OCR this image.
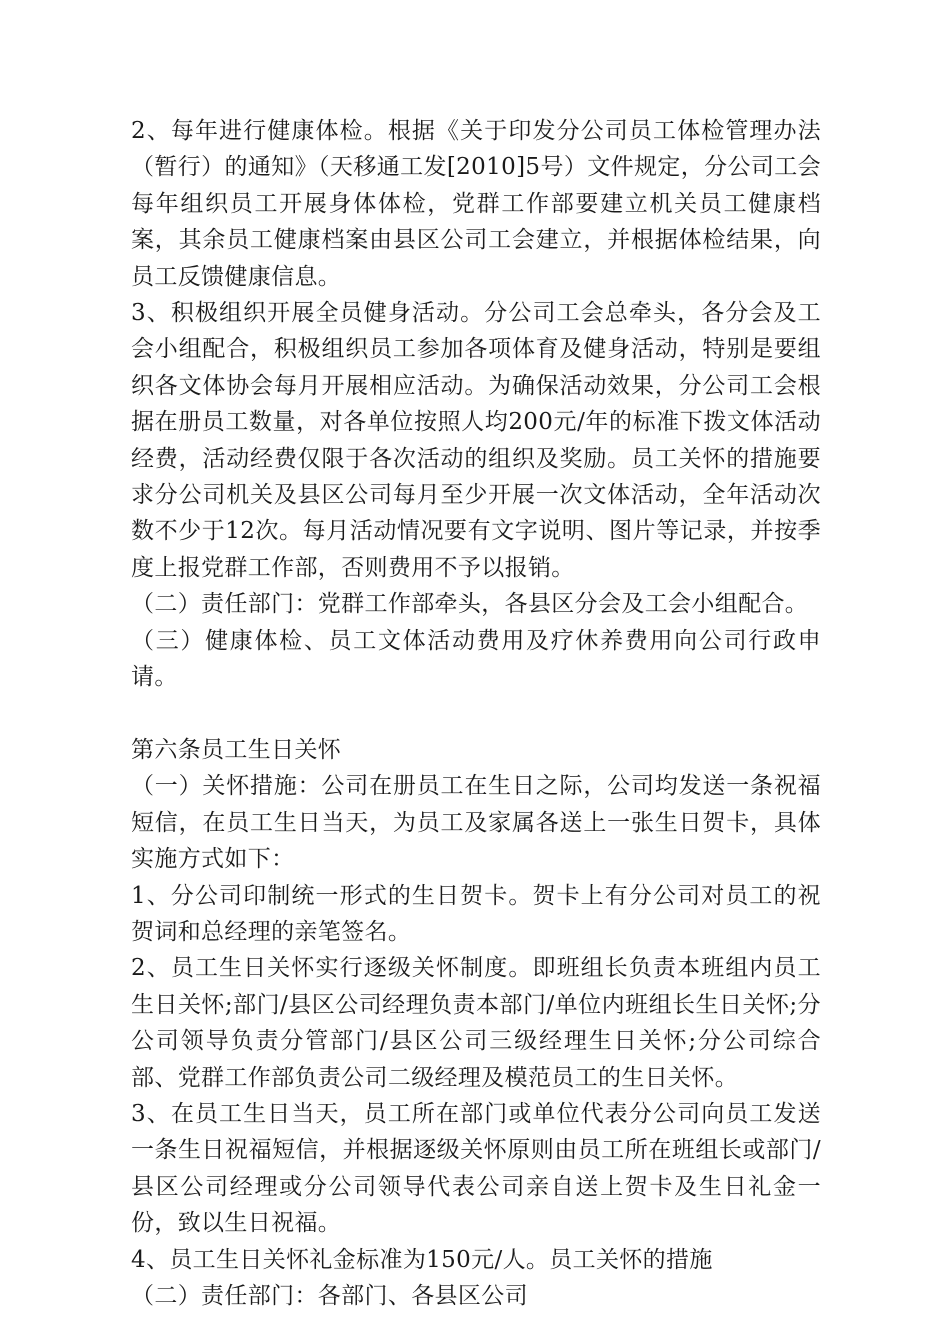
2、每年进行健康体检。根据《关于印发分公司员工体检管理办法（暂行）的通知》（天移通工发[2010]5号）文件规定，分公司工会每年组织员工开展身体体检，党群工作部要建立机关员工健康档案，其余员工健康档案由县区公司工会建立，并根据体检结果，向员工反馈健康信息。

3、积极组织开展全员健身活动。分公司工会总牵头，各分会及工会小组配合，积极组织员工参加各项体育及健身活动，特别是要组织各文体协会每月开展相应活动。为确保活动效果，分公司工会根据在册员工数量，对各单位按照人均200元/年的标准下拨文体活动经费，活动经费仅限于各次活动的组织及奖励。员工关怀的措施要求分公司机关及县区公司每月至少开展一次文体活动，全年活动次数不少于12次。每月活动情况要有文字说明、图片等记录，并按季度上报党群工作部，否则费用不予以报销。

（二）责任部门：党群工作部牵头，各县区分会及工会小组配合。

（三）健康体检、员工文体活动费用及疗休养费用向公司行政申请。

第六条员工生日关怀

（一）关怀措施：公司在册员工在生日之际，公司均发送一条祝福短信，在员工生日当天，为员工及家属各送上一张生日贺卡，具体实施方式如下：

1、分公司印制统一形式的生日贺卡。贺卡上有分公司对员工的祝贺词和总经理的亲笔签名。

2、员工生日关怀实行逐级关怀制度。即班组长负责本班组内员工生日关怀;部门/县区公司经理负责本部门/单位内班组长生日关怀;分公司领导负责分管部门/县区公司三级经理生日关怀;分公司综合部、党群工作部负责公司二级经理及模范员工的生日关怀。

3、在员工生日当天，员工所在部门或单位代表分公司向员工发送一条生日祝福短信，并根据逐级关怀原则由员工所在班组长或部门/县区公司经理或分公司领导代表公司亲自送上贺卡及生日礼金一份，致以生日祝福。

4、员工生日关怀礼金标准为150元/人。员工关怀的措施

（二）责任部门：各部门、各县区公司
